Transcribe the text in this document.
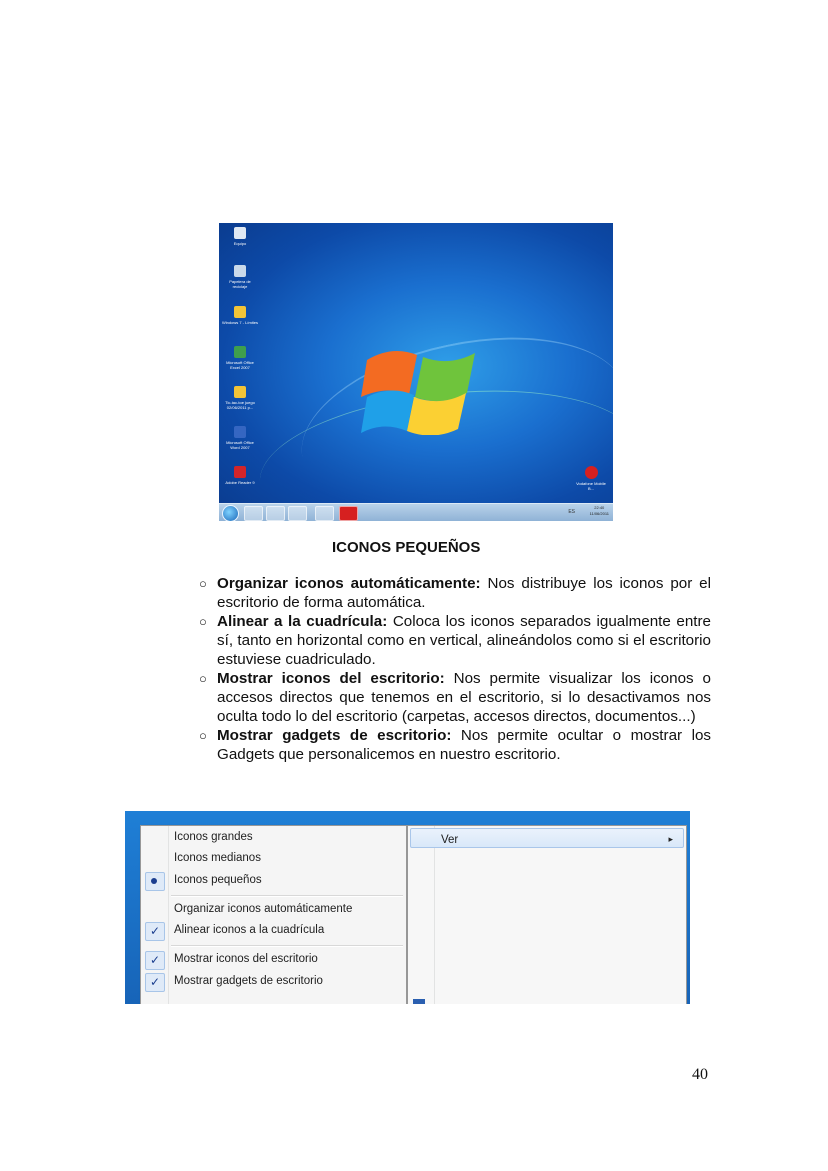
Equipo
Papelera de reciclaje
Windows 7 - Límites
Microsoft Office Excel 2007
Tic-tac-toe juego 02/06/2011 p...
Microsoft Office Word 2007
Adobe Reader 9	Vodafone Mobile B...
ES
22:40
11/06/2011
ICONOS PEQUEÑOS
○ Organizar iconos automáticamente: Nos distribuye los iconos por el escritorio de forma automática.
○ Alinear a la cuadrícula: Coloca los iconos separados igualmente entre sí, tanto en horizontal como en vertical, alineándolos como si el escritorio estuviese cuadriculado.
○ Mostrar iconos del escritorio: Nos permite visualizar los iconos o accesos directos que tenemos en el escritorio, si lo desactivamos nos oculta todo lo del escritorio (carpetas, accesos directos, documentos...)
○ Mostrar gadgets de escritorio: Nos permite ocultar o mostrar los Gadgets que personalicemos en nuestro escritorio.
Iconos grandes
Iconos medianos
Iconos pequeños
Organizar iconos automáticamente
✓	Alinear iconos a la cuadrícula
✓	Mostrar iconos del escritorio
✓	Mostrar gadgets de escritorio
Ver	▸
40
